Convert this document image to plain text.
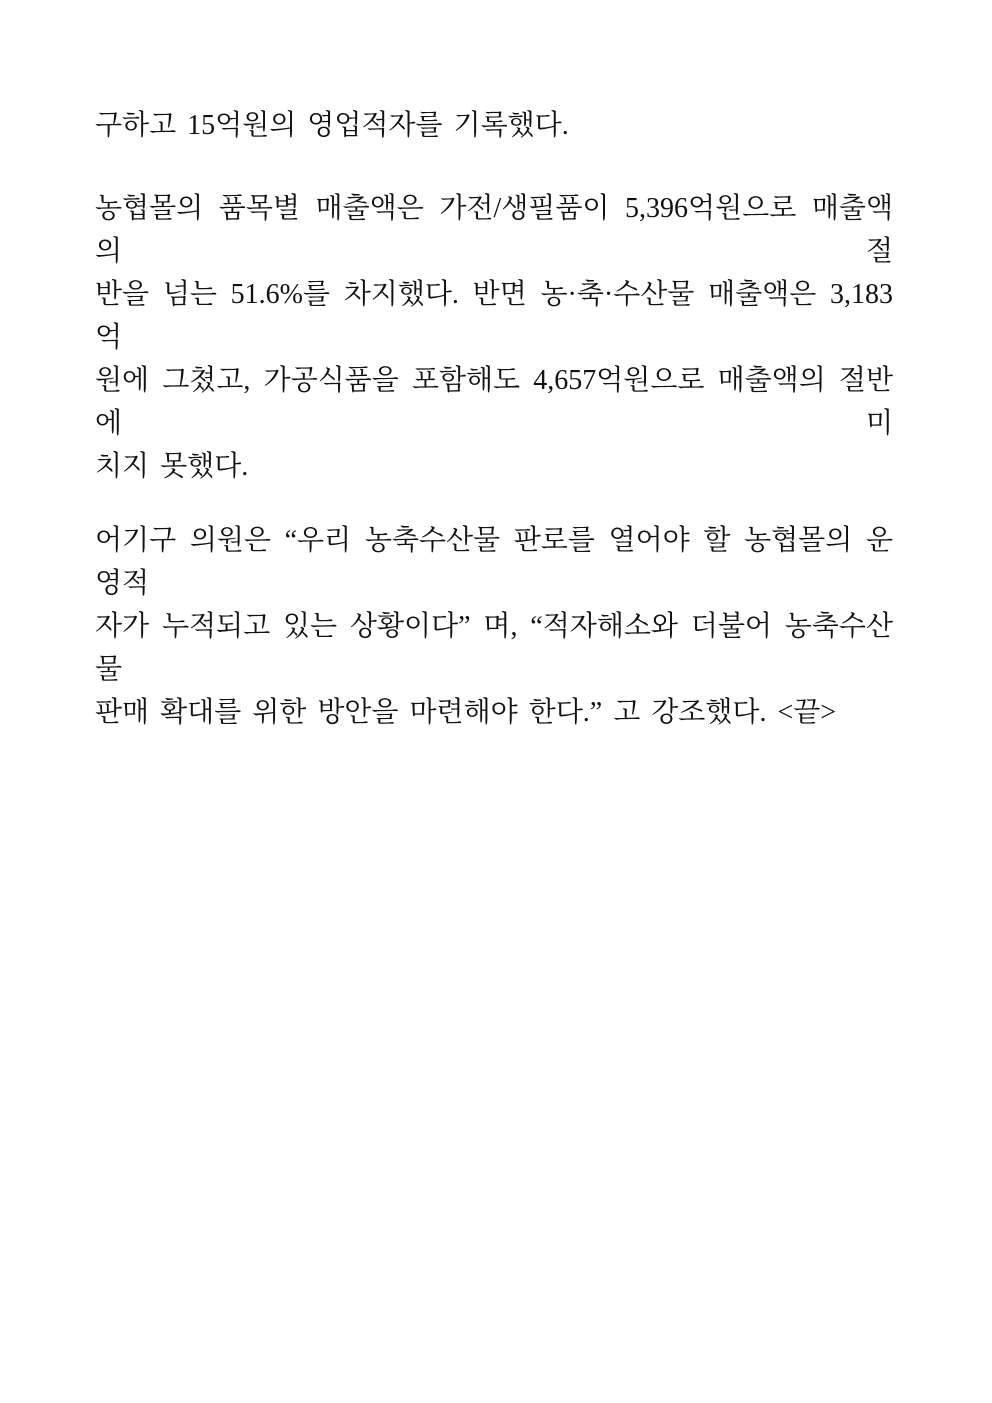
구하고 15억원의 영업적자를 기록했다.
농협몰의 품목별 매출액은 가전/생필품이 5,396억원으로 매출액의 절
반을 넘는 51.6%를 차지했다. 반면 농·축·수산물 매출액은 3,183억
원에 그쳤고, 가공식품을 포함해도 4,657억원으로 매출액의 절반에 미
치지 못했다.
어기구 의원은 “우리 농축수산물 판로를 열어야 할 농협몰의 운영적
자가 누적되고 있는 상황이다” 며, “적자해소와 더불어 농축수산물
판매 확대를 위한 방안을 마련해야 한다.” 고 강조했다. <끝>
